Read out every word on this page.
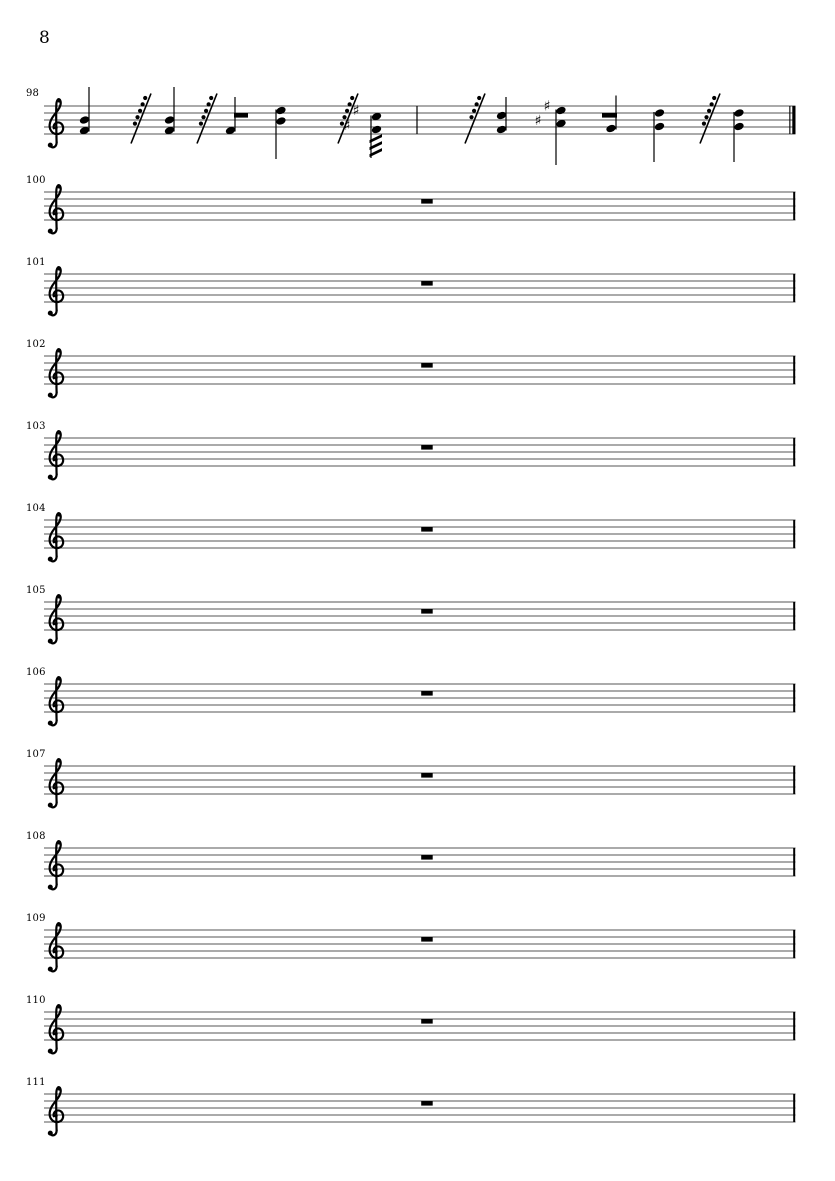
8
♯
♯
♯
♯
98
100
101
102
103
104
105
106
107
108
109
110
111
